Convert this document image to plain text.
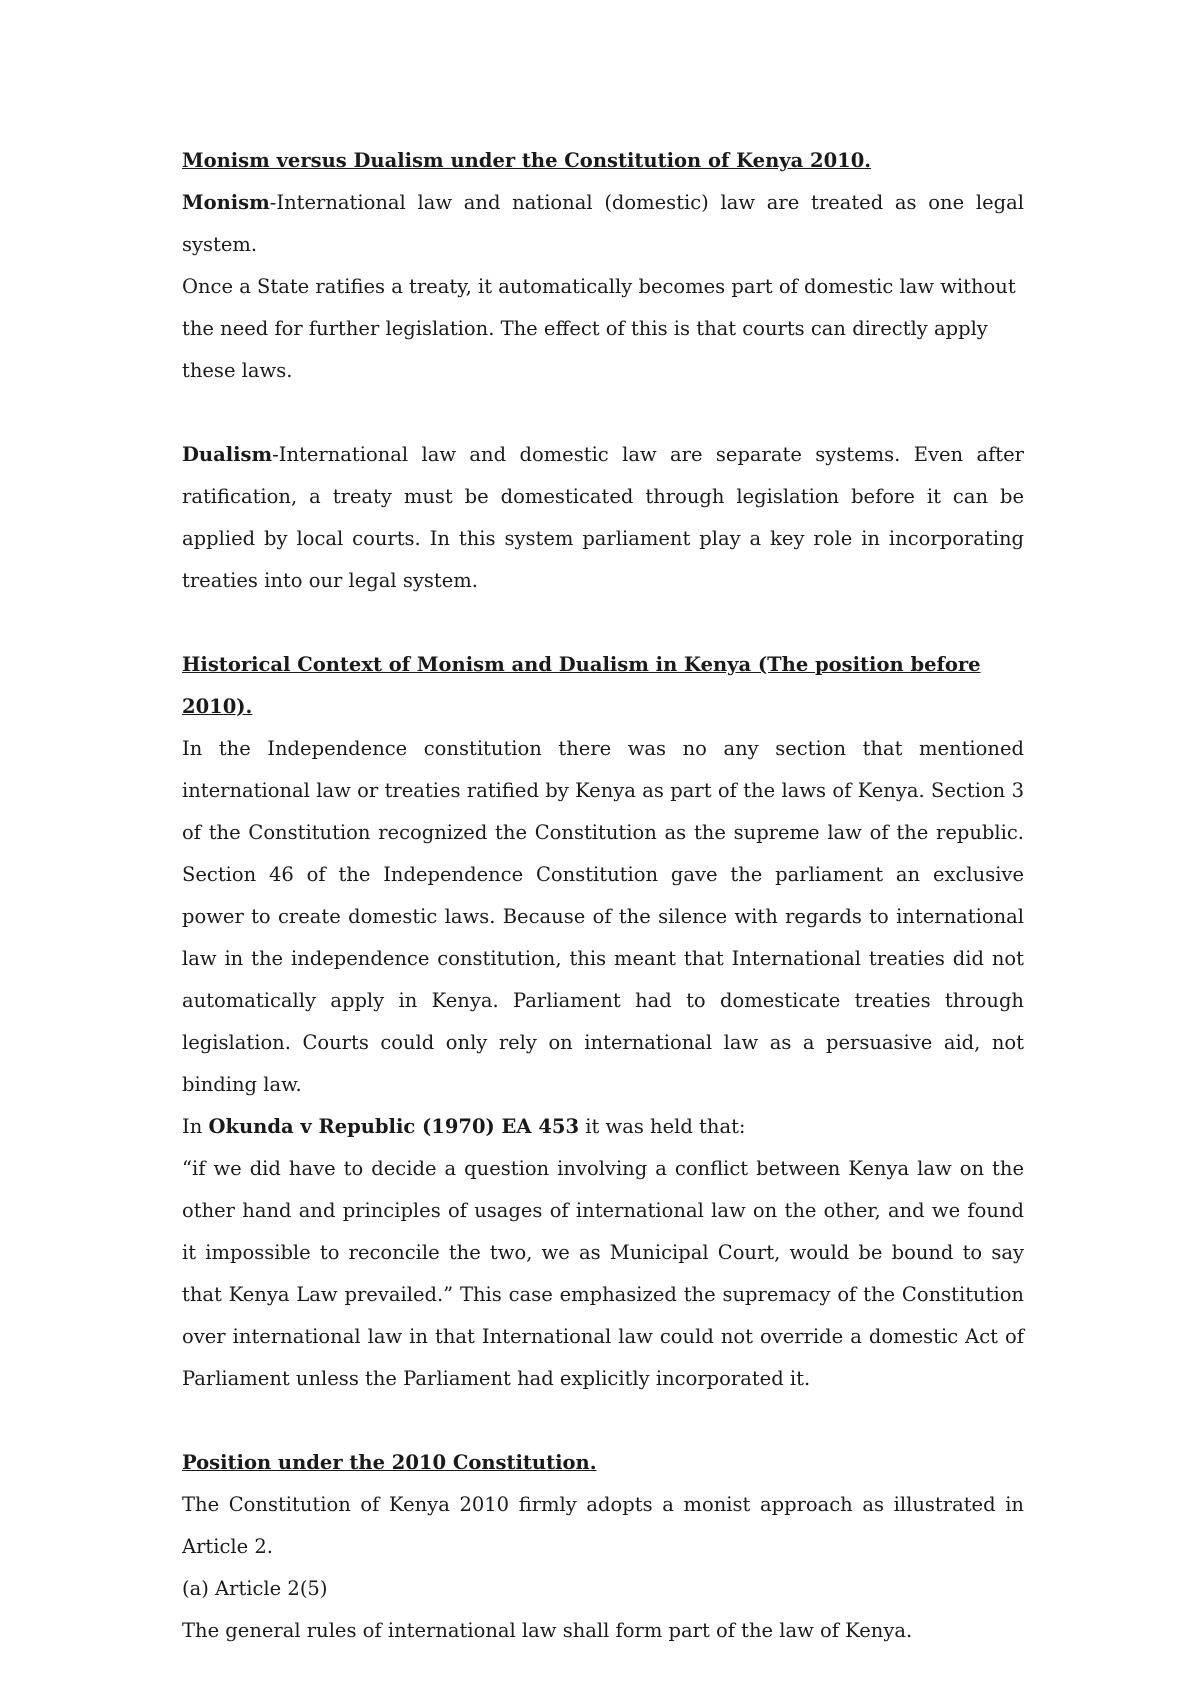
Monism versus Dualism under the Constitution of Kenya 2010.

Monism-International law and national (domestic) law are treated as one legal system.

Once a State ratifies a treaty, it automatically becomes part of domestic law without the need for further legislation. The effect of this is that courts can directly apply these laws.

Dualism-International law and domestic law are separate systems. Even after ratification, a treaty must be domesticated through legislation before it can be applied by local courts. In this system parliament play a key role in incorporating treaties into our legal system.

Historical Context of Monism and Dualism in Kenya (The position before 2010).

In the Independence constitution there was no any section that mentioned international law or treaties ratified by Kenya as part of the laws of Kenya. Section 3 of the Constitution recognized the Constitution as the supreme law of the republic. Section 46 of the Independence Constitution gave the parliament an exclusive power to create domestic laws. Because of the silence with regards to international law in the independence constitution, this meant that International treaties did not automatically apply in Kenya. Parliament had to domesticate treaties through legislation. Courts could only rely on international law as a persuasive aid, not binding law.

In Okunda v Republic (1970) EA 453 it was held that:

“if we did have to decide a question involving a conflict between Kenya law on the other hand and principles of usages of international law on the other, and we found it impossible to reconcile the two, we as Municipal Court, would be bound to say that Kenya Law prevailed.” This case emphasized the supremacy of the Constitution over international law in that International law could not override a domestic Act of Parliament unless the Parliament had explicitly incorporated it.

Position under the 2010 Constitution.

The Constitution of Kenya 2010 firmly adopts a monist approach as illustrated in Article 2.

(a) Article 2(5)

The general rules of international law shall form part of the law of Kenya.
